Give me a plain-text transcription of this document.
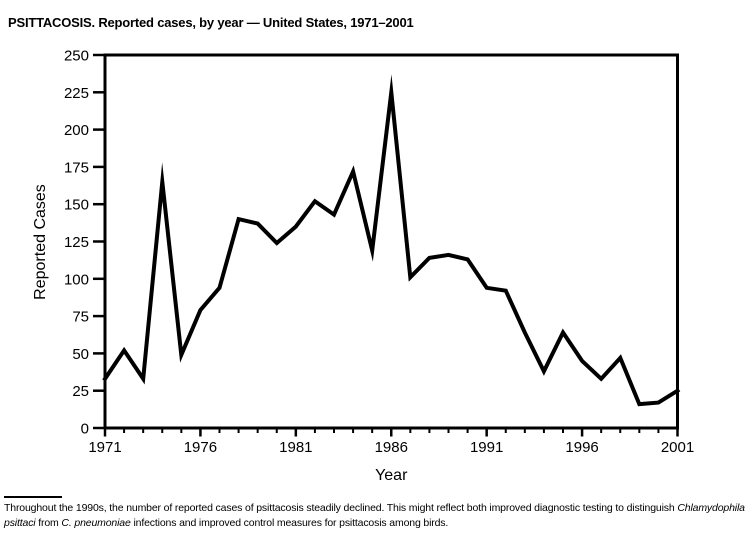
PSITTACOSIS. Reported cases, by year — United States, 1971–2001
0
25
50
75
100
125
150
175
200
225
250
1971	1976	1981	1986	1991	1996	2001
Year
Reported Cases
Throughout the 1990s, the number of reported cases of psittacosis steadily declined. This might reflect both improved diagnostic testing to distinguish Chlamydophila psittaci from C. pneumoniae infections and improved control measures for psittacosis among birds.
